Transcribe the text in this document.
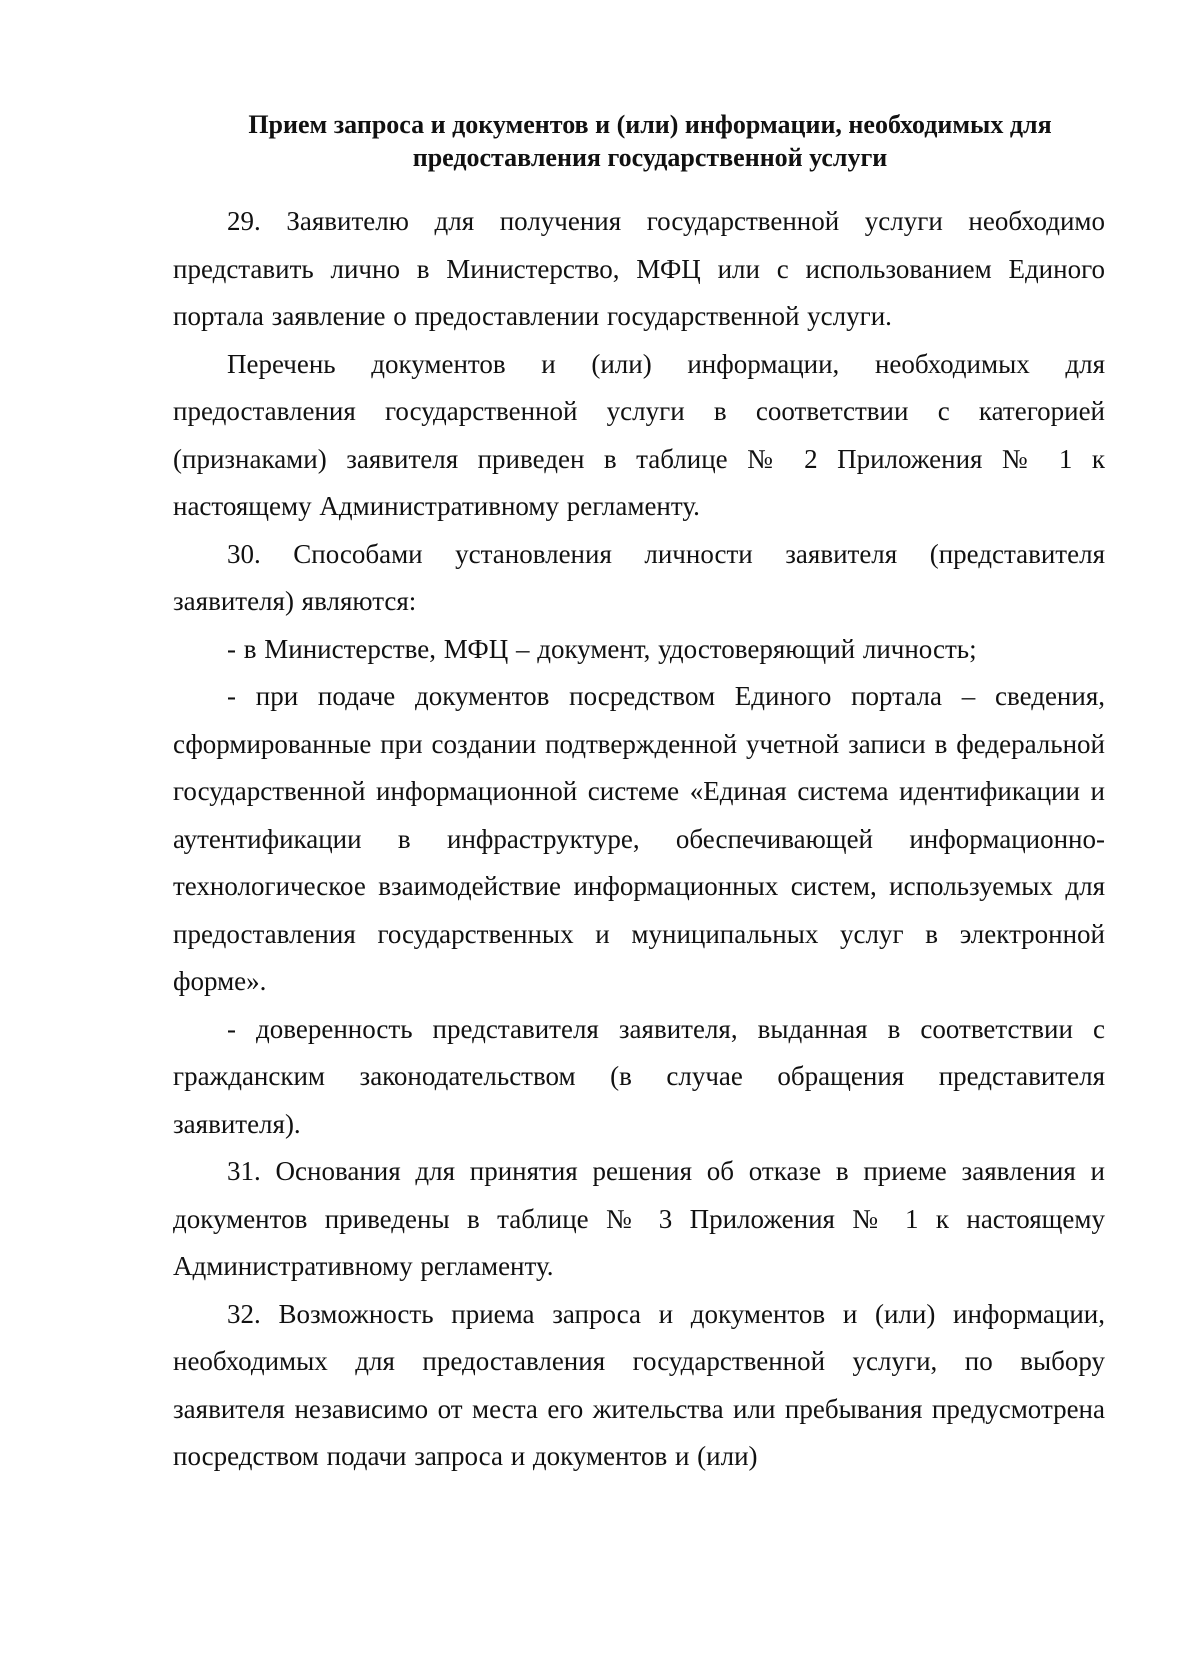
Прием запроса и документов и (или) информации, необходимых для
предоставления государственной услуги

29. Заявителю для получения государственной услуги необходимо представить лично в Министерство, МФЦ или с использованием Единого портала заявление о предоставлении государственной услуги.

Перечень документов и (или) информации, необходимых для предоставления государственной услуги в соответствии с категорией (признаками) заявителя приведен в таблице № 2 Приложения № 1 к настоящему Административному регламенту.

30. Способами установления личности заявителя (представителя заявителя) являются:

- в Министерстве, МФЦ – документ, удостоверяющий личность;

- при подаче документов посредством Единого портала – сведения, сформированные при создании подтвержденной учетной записи в федеральной государственной информационной системе «Единая система идентификации и аутентификации в инфраструктуре, обеспечивающей информационно-технологическое взаимодействие информационных систем, используемых для предоставления государственных и муниципальных услуг в электронной форме».

- доверенность представителя заявителя, выданная в соответствии с гражданским законодательством (в случае обращения представителя заявителя).

31. Основания для принятия решения об отказе в приеме заявления и документов приведены в таблице № 3 Приложения № 1 к настоящему Административному регламенту.

32. Возможность приема запроса и документов и (или) информации, необходимых для предоставления государственной услуги, по выбору заявителя независимо от места его жительства или пребывания предусмотрена посредством подачи запроса и документов и (или)
